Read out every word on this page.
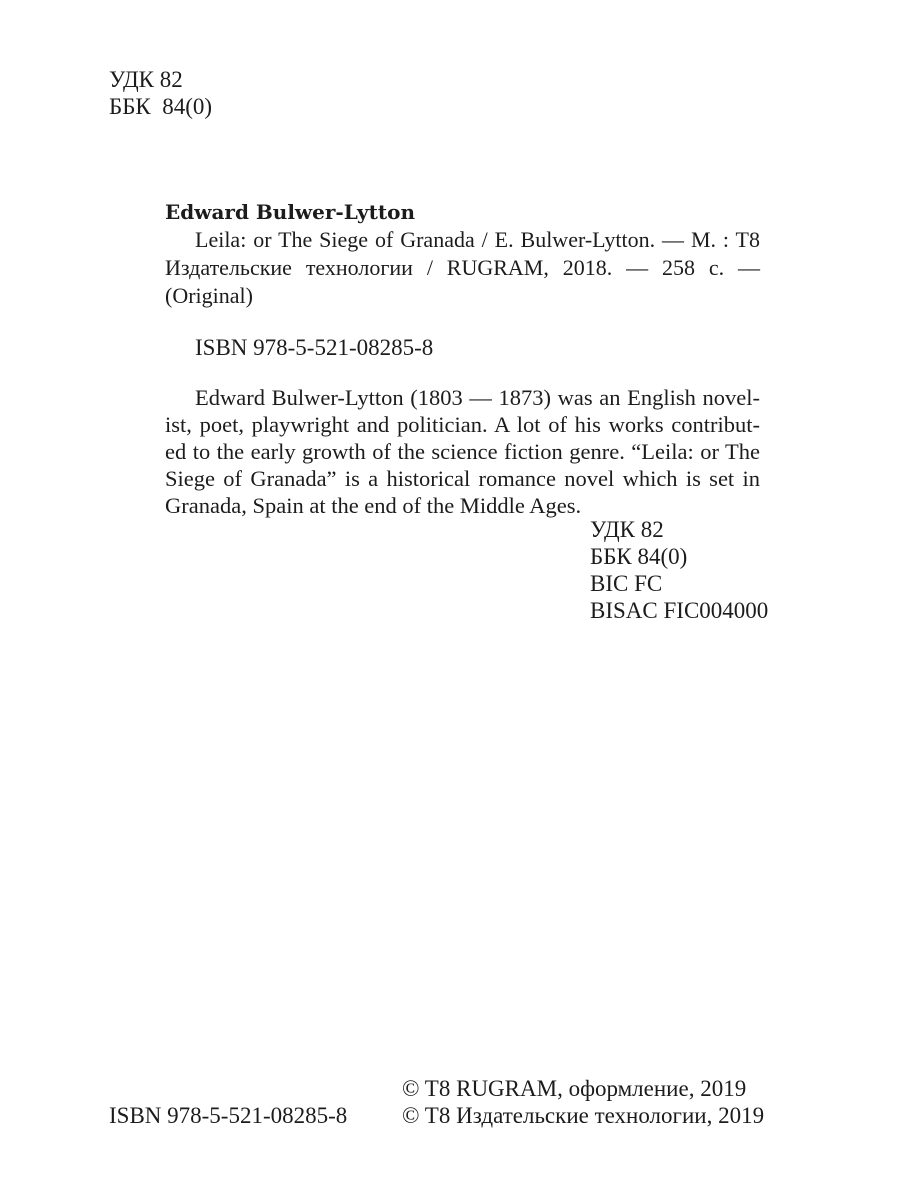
УДК 82
ББК  84(0)
Edward Bulwer-Lytton
Leila: or The Siege of Granada / E. Bulwer-Lytton. — M. : T8
Издательские технологии / RUGRAM, 2018. — 258 с. — (Original)
ISBN 978-5-521-08285-8
Edward Bulwer-Lytton (1803 — 1873) was an English novel-
ist, poet, playwright and politician. A lot of his works contribut-
ed to the early growth of the science fiction genre. “Leila: or The
Siege of Granada” is a historical romance novel which is set in
Granada, Spain at the end of the Middle Ages.
УДК 82
ББК 84(0)
BIC FC
BISAC FIC004000
© T8 RUGRAM, оформление, 2019
© T8 Издательские технологии, 2019
ISBN 978-5-521-08285-8
